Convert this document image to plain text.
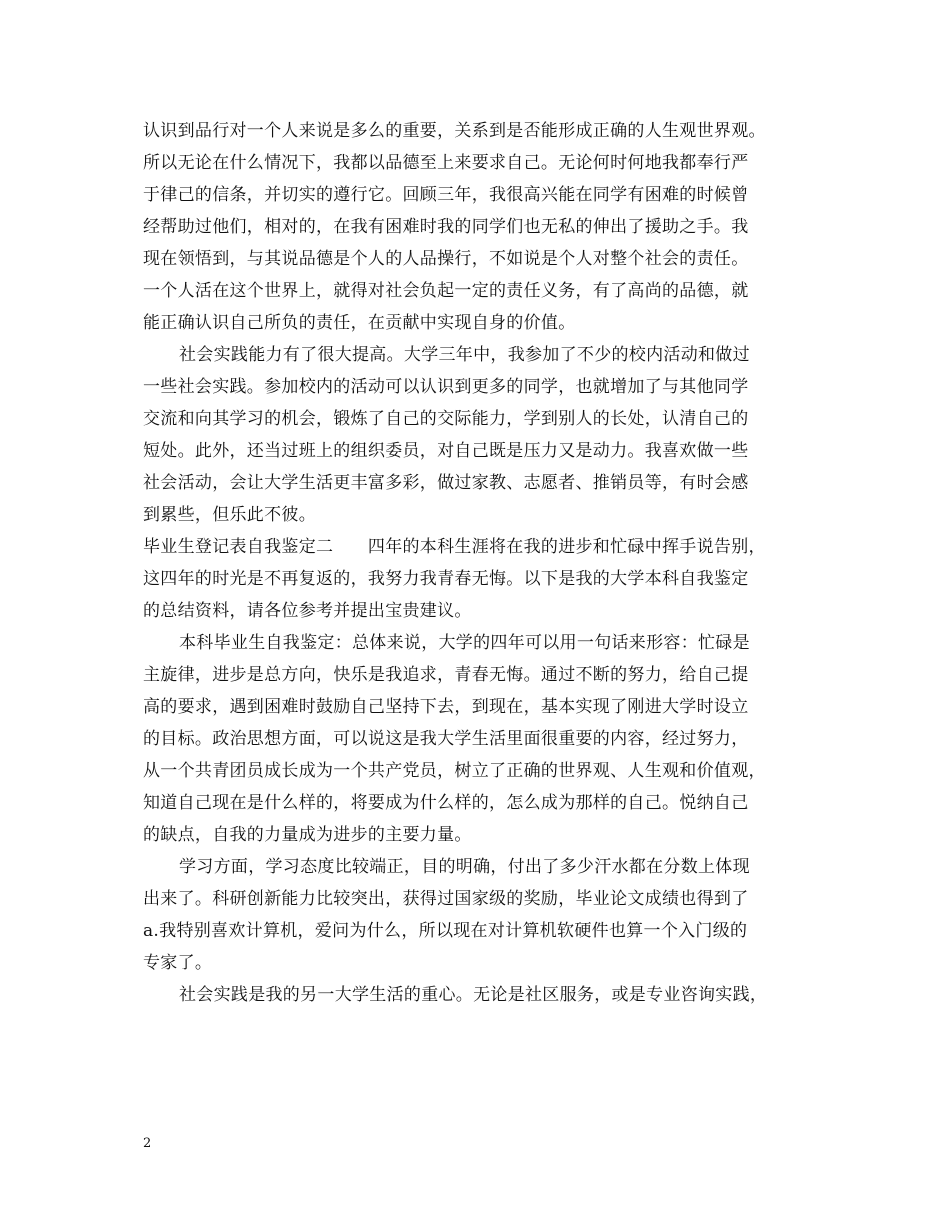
认识到品行对一个人来说是多么的重要，关系到是否能形成正确的人生观世界观。
所以无论在什么情况下，我都以品德至上来要求自己。无论何时何地我都奉行严
于律己的信条，并切实的遵行它。回顾三年，我很高兴能在同学有困难的时候曾
经帮助过他们，相对的，在我有困难时我的同学们也无私的伸出了援助之手。我
现在领悟到，与其说品德是个人的人品操行，不如说是个人对整个社会的责任。
一个人活在这个世界上，就得对社会负起一定的责任义务，有了高尚的品德，就
能正确认识自己所负的责任，在贡献中实现自身的价值。
社会实践能力有了很大提高。大学三年中，我参加了不少的校内活动和做过
一些社会实践。参加校内的活动可以认识到更多的同学，也就增加了与其他同学
交流和向其学习的机会，锻炼了自己的交际能力，学到别人的长处，认清自己的
短处。此外，还当过班上的组织委员，对自己既是压力又是动力。我喜欢做一些
社会活动，会让大学生活更丰富多彩，做过家教、志愿者、推销员等，有时会感
到累些，但乐此不彼。
毕业生登记表自我鉴定二　　四年的本科生涯将在我的进步和忙碌中挥手说告别，
这四年的时光是不再复返的，我努力我青春无悔。以下是我的大学本科自我鉴定
的总结资料，请各位参考并提出宝贵建议。
本科毕业生自我鉴定：总体来说，大学的四年可以用一句话来形容：忙碌是
主旋律，进步是总方向，快乐是我追求，青春无悔。通过不断的努力，给自己提
高的要求，遇到困难时鼓励自己坚持下去，到现在，基本实现了刚进大学时设立
的目标。政治思想方面，可以说这是我大学生活里面很重要的内容，经过努力，
从一个共青团员成长成为一个共产党员，树立了正确的世界观、人生观和价值观，
知道自己现在是什么样的，将要成为什么样的，怎么成为那样的自己。悦纳自己
的缺点，自我的力量成为进步的主要力量。
学习方面，学习态度比较端正，目的明确，付出了多少汗水都在分数上体现
出来了。科研创新能力比较突出，获得过国家级的奖励，毕业论文成绩也得到了
a.我特别喜欢计算机，爱问为什么，所以现在对计算机软硬件也算一个入门级的
专家了。
社会实践是我的另一大学生活的重心。无论是社区服务，或是专业咨询实践，
2
